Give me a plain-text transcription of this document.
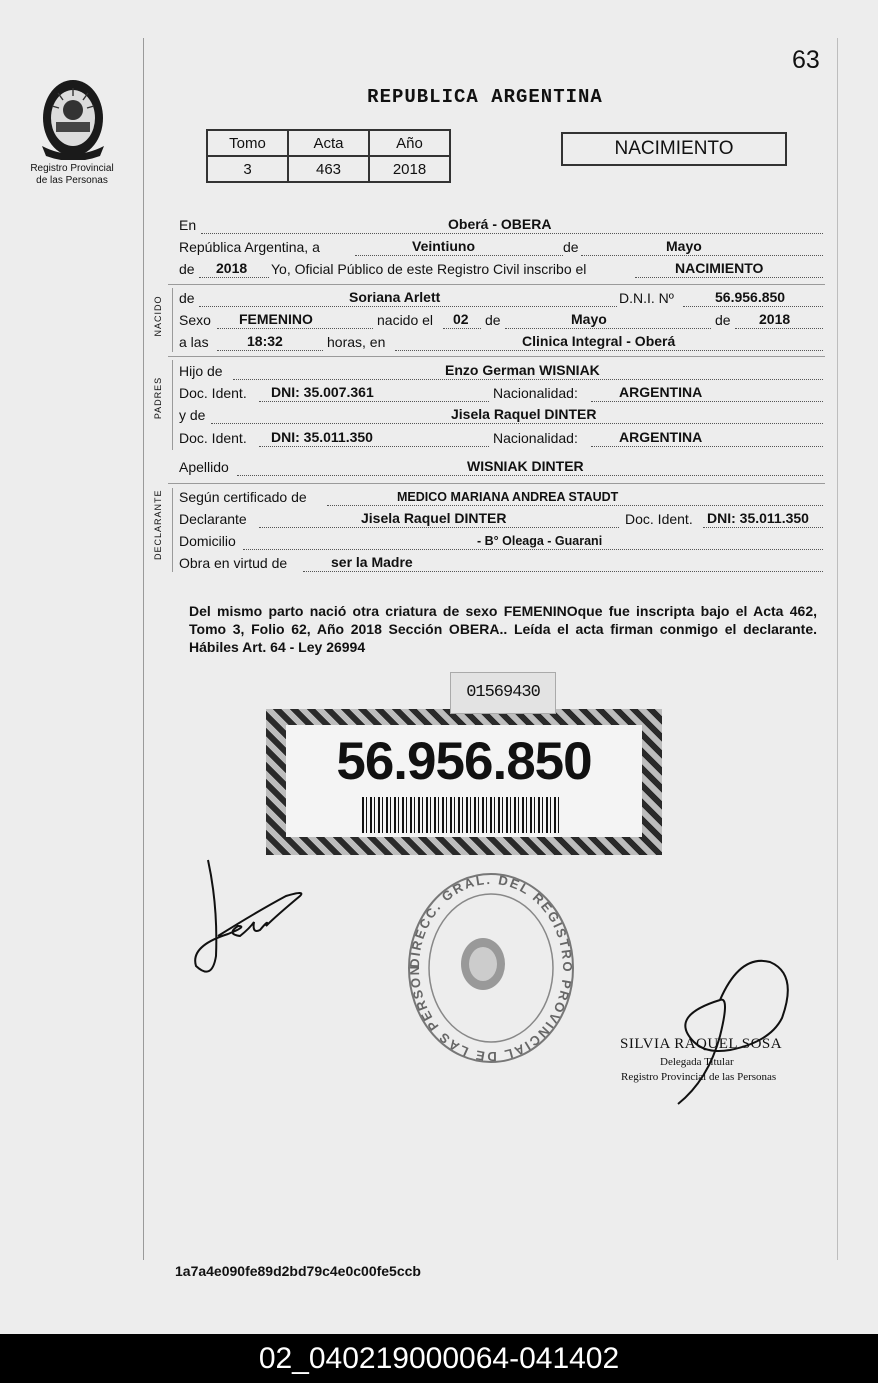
63
Registro Provincial
de las Personas
REPUBLICA ARGENTINA
Tomo	Acta	Año
3	463	2018
NACIMIENTO
En	Oberá - OBERA
República Argentina, a	Veintiuno	de	Mayo
de 2018 Yo, Oficial Público de este Registro Civil inscribo el	NACIMIENTO
NACIDO de	Soriana Arlett	D.N.I. Nº	56.956.850
Sexo FEMENINO	nacido el 02 de	Mayo	de 2018
a las	18:32	horas, en	Clinica Integral - Oberá
PADRES
Hijo de	Enzo German WISNIAK
Doc. Ident. DNI: 35.007.361	Nacionalidad:	ARGENTINA
y de	Jisela Raquel DINTER
Doc. Ident. DNI: 35.011.350	Nacionalidad:	ARGENTINA
Apellido	WISNIAK DINTER
DECLARANTE Según certificado de	MEDICO MARIANA ANDREA STAUDT
Declarante	Jisela Raquel DINTER	Doc. Ident. DNI: 35.011.350
Domicilio	- B° Oleaga - Guarani
Obra en virtud de	ser la Madre
Del mismo parto nació otra criatura de sexo FEMENINOque fue inscripta bajo el Acta 462, Tomo 3, Folio 62, Año 2018 Sección OBERA.. Leída el acta firman conmigo el declarante. Hábiles Art. 64 - Ley 26994
56.956.850
01569430
DIRECC. GRAL. DEL REGISTRO PROVINCIAL DE LAS PERSON
SILVIA RAQUEL SOSA
Delegada Titular
Registro Provincial de las Personas
1a7a4e090fe89d2bd79c4e0c00fe5ccb
02_040219000064-041402
